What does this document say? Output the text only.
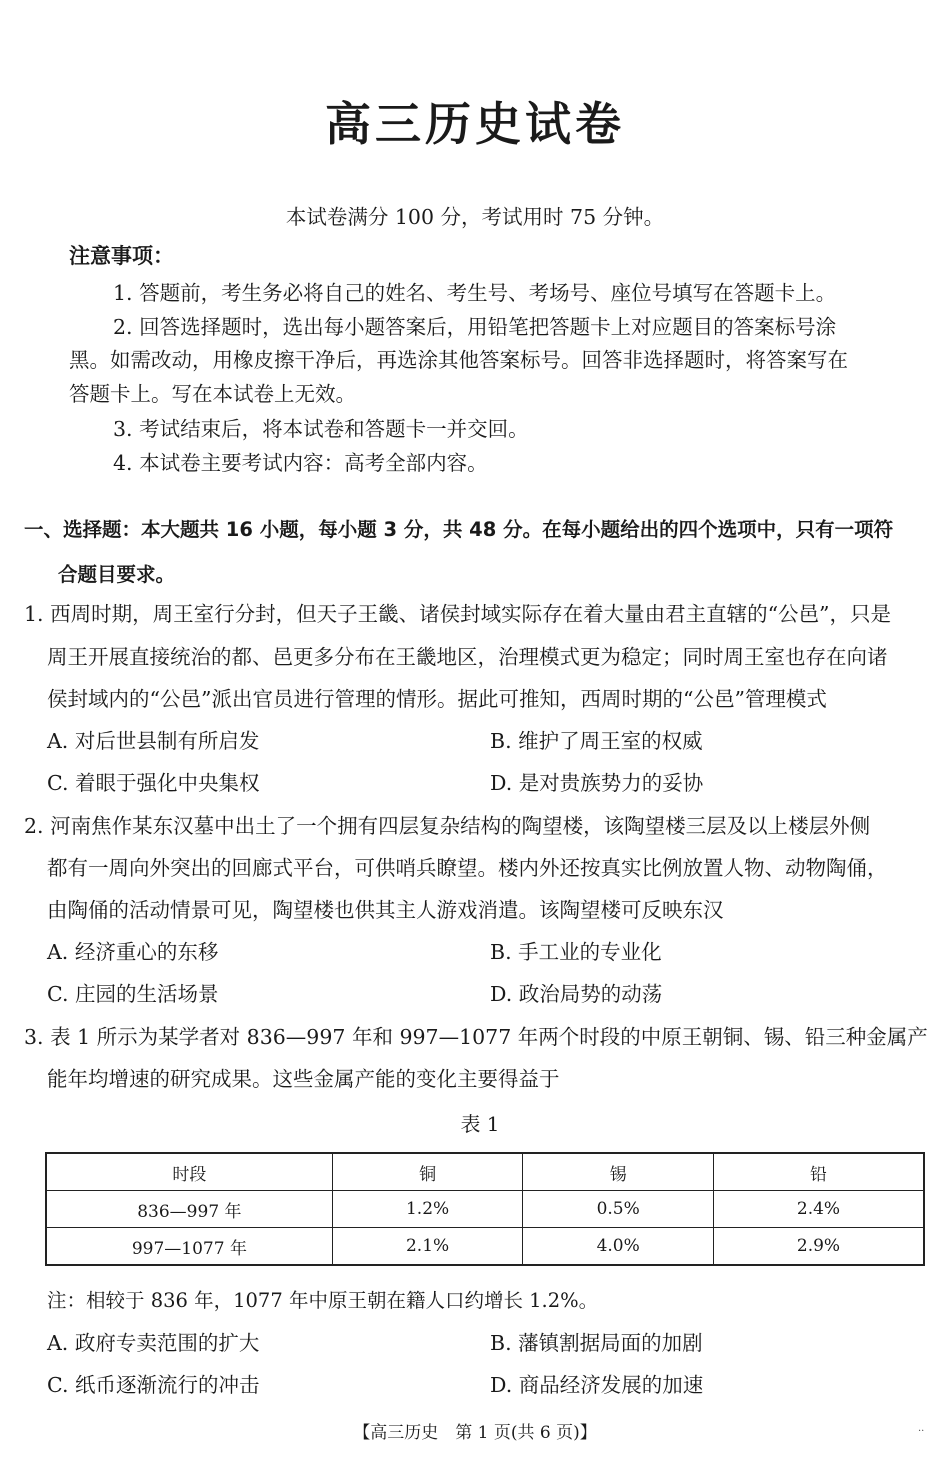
高三历史试卷
本试卷满分 100 分，考试用时 75 分钟。
注意事项：
1. 答题前，考生务必将自己的姓名、考生号、考场号、座位号填写在答题卡上。
2. 回答选择题时，选出每小题答案后，用铅笔把答题卡上对应题目的答案标号涂
黑。如需改动，用橡皮擦干净后，再选涂其他答案标号。回答非选择题时，将答案写在
答题卡上。写在本试卷上无效。
3. 考试结束后，将本试卷和答题卡一并交回。
4. 本试卷主要考试内容：高考全部内容。
一、选择题：本大题共 16 小题，每小题 3 分，共 48 分。在每小题给出的四个选项中，只有一项符
合题目要求。
1. 西周时期，周王室行分封，但天子王畿、诸侯封域实际存在着大量由君主直辖的“公邑”，只是
周王开展直接统治的都、邑更多分布在王畿地区，治理模式更为稳定；同时周王室也存在向诸
侯封域内的“公邑”派出官员进行管理的情形。据此可推知，西周时期的“公邑”管理模式
A. 对后世县制有所启发	B. 维护了周王室的权威
C. 着眼于强化中央集权	D. 是对贵族势力的妥协
2. 河南焦作某东汉墓中出土了一个拥有四层复杂结构的陶望楼，该陶望楼三层及以上楼层外侧
都有一周向外突出的回廊式平台，可供哨兵瞭望。楼内外还按真实比例放置人物、动物陶俑，
由陶俑的活动情景可见，陶望楼也供其主人游戏消遣。该陶望楼可反映东汉
A. 经济重心的东移	B. 手工业的专业化
C. 庄园的生活场景	D. 政治局势的动荡
3. 表 1 所示为某学者对 836—997 年和 997—1077 年两个时段的中原王朝铜、锡、铅三种金属产
能年均增速的研究成果。这些金属产能的变化主要得益于
表 1
时段	铜	锡	铅
836—997 年	1.2%	0.5%	2.4%
997—1077 年	2.1%	4.0%	2.9%
注：相较于 836 年，1077 年中原王朝在籍人口约增长 1.2%。
A. 政府专卖范围的扩大	B. 藩镇割据局面的加剧
C. 纸币逐渐流行的冲击	D. 商品经济发展的加速
【高三历史　第 1 页(共 6 页)】	··
